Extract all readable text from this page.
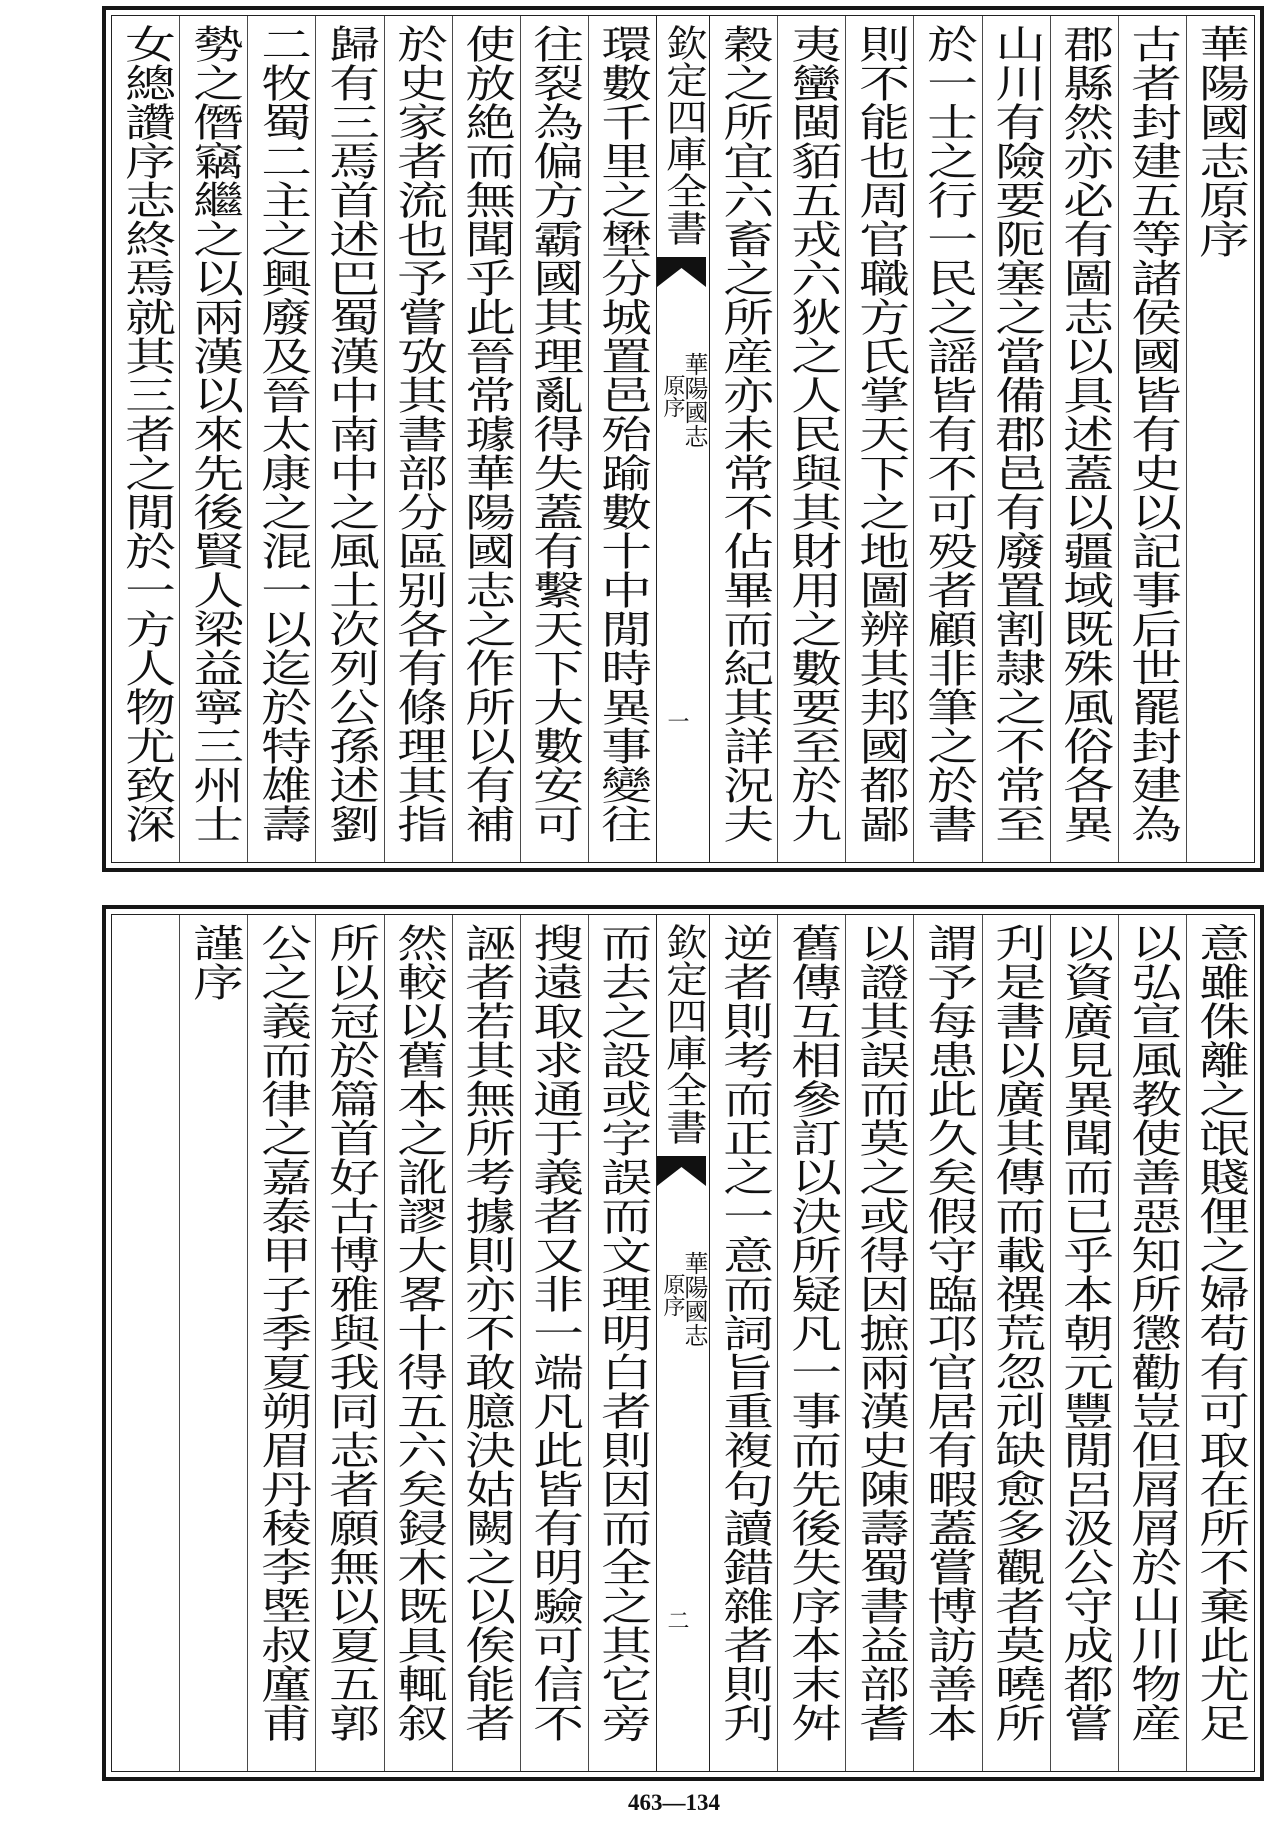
華陽國志原序
古者封建五等諸侯國皆有史以記事后世罷封建為
郡縣然亦必有圖志以具述蓋以疆域既殊風俗各異
山川有險要阨塞之當備郡邑有廢置割隷之不常至
於一士之行一民之謡皆有不可殁者顧非筆之於書
則不能也周官職方氏掌天下之地圖辨其邦國都鄙
夷蠻閩貊五戎六狄之人民與其財用之數要至於九
穀之所宜六畜之所産亦未常不佔畢而紀其詳況夫
欽定四庫全書
華陽國志
原序
一
環數千里之壄分城置邑殆踰數十中閒時異事變往
往裂為偏方霸國其理亂得失蓋有繫天下大數安可
使放絶而無聞乎此晉常璩華陽國志之作所以有補
於史家者流也予嘗攷其書部分區别各有條理其指
歸有三焉首述巴蜀漢中南中之風土次列公孫述劉
二牧蜀二主之興廢及晉太康之混一以迄於特雄壽
勢之僭竊繼之以兩漢以來先後賢人梁益寧三州士
女總讚序志終焉就其三者之閒於一方人物尤致深
意雖侏離之氓賤俚之婦苟有可取在所不棄此尤足
以弘宣風教使善惡知所懲勸豈但屑屑於山川物産
以資廣見異聞而已乎本朝元豐閒呂汲公守成都嘗
刋是書以廣其傳而載禩荒忽刓缺愈多觀者莫曉所
謂予每患此久矣假守臨邛官居有暇蓋嘗博訪善本
以證其誤而莫之或得因摭兩漢史陳壽蜀書益部耆
舊傳互相參訂以決所疑凡一事而先後失序本末舛
逆者則考而正之一意而詞旨重複句讀錯雜者則刋
欽定四庫全書
華陽國志
原序
二
而去之設或字誤而文理明白者則因而全之其它旁
搜遠取求通于義者又非一端凡此皆有明驗可信不
誣者若其無所考據則亦不敢臆決姑闕之以俟能者
然較以舊本之訛謬大畧十得五六矣鋟木既具輒叙
所以冠於篇首好古博雅與我同志者願無以夏五郭
公之義而律之嘉泰甲子季夏朔眉丹稜李塈叔廑甫
謹序
463—134
